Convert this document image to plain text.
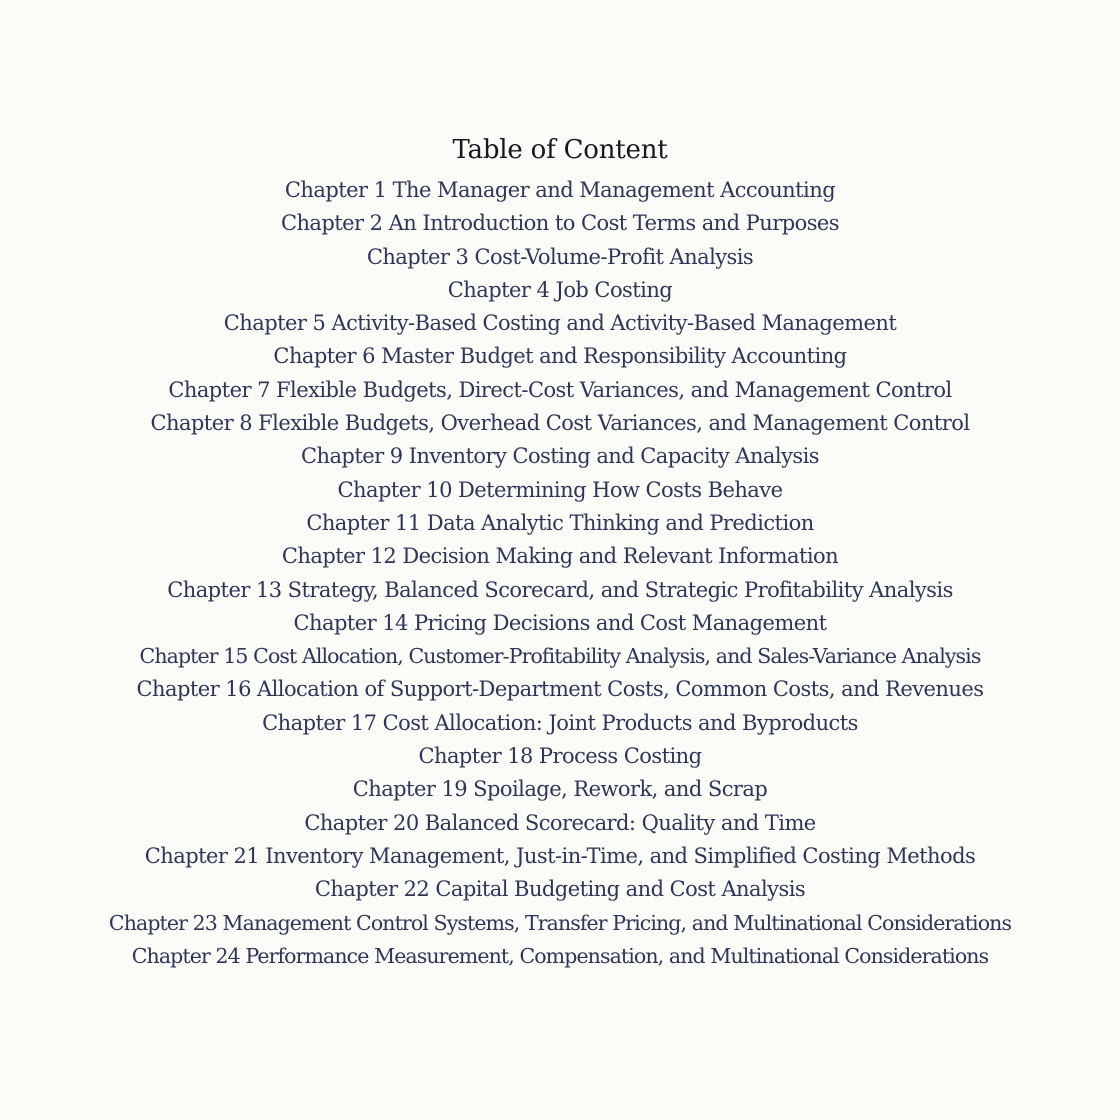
Table of Content
Chapter 1 The Manager and Management Accounting
Chapter 2 An Introduction to Cost Terms and Purposes
Chapter 3 Cost-Volume-Profit Analysis
Chapter 4 Job Costing
Chapter 5 Activity-Based Costing and Activity-Based Management
Chapter 6 Master Budget and Responsibility Accounting
Chapter 7 Flexible Budgets, Direct-Cost Variances, and Management Control
Chapter 8 Flexible Budgets, Overhead Cost Variances, and Management Control
Chapter 9 Inventory Costing and Capacity Analysis
Chapter 10 Determining How Costs Behave
Chapter 11 Data Analytic Thinking and Prediction
Chapter 12 Decision Making and Relevant Information
Chapter 13 Strategy, Balanced Scorecard, and Strategic Profitability Analysis
Chapter 14 Pricing Decisions and Cost Management
Chapter 15 Cost Allocation, Customer-Profitability Analysis, and Sales-Variance Analysis
Chapter 16 Allocation of Support-Department Costs, Common Costs, and Revenues
Chapter 17 Cost Allocation: Joint Products and Byproducts
Chapter 18 Process Costing
Chapter 19 Spoilage, Rework, and Scrap
Chapter 20 Balanced Scorecard: Quality and Time
Chapter 21 Inventory Management, Just-in-Time, and Simplified Costing Methods
Chapter 22 Capital Budgeting and Cost Analysis
Chapter 23 Management Control Systems, Transfer Pricing, and Multinational Considerations
Chapter 24 Performance Measurement, Compensation, and Multinational Considerations
